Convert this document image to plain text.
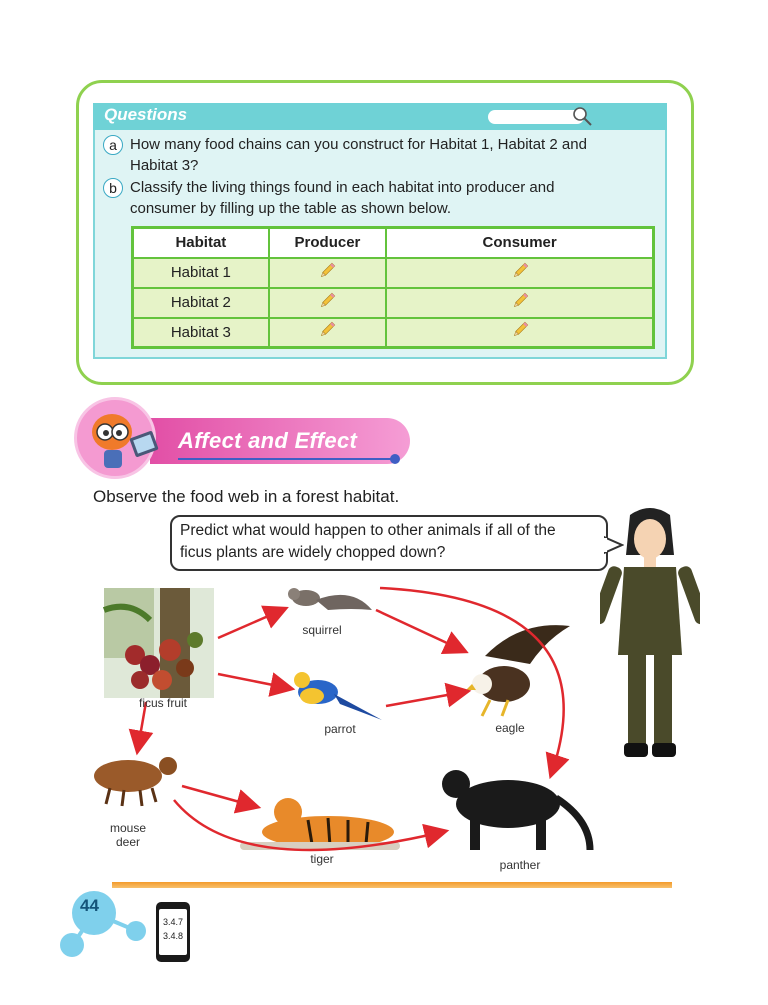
Questions
a How many food chains can you construct for Habitat 1, Habitat 2 and
Habitat 3?
b Classify the living things found in each habitat into producer and
consumer by filling up the table as shown below.
Habitat	Producer	Consumer
Habitat 1		
Habitat 2		
Habitat 3		
Affect and Effect
Observe the food web in a forest habitat.
Predict what would happen to other animals if all of the
ficus plants are widely chopped down?
ficus fruit
squirrel
parrot	eagle
mouse
deer
tiger	panther
44
3.4.7
3.4.8
